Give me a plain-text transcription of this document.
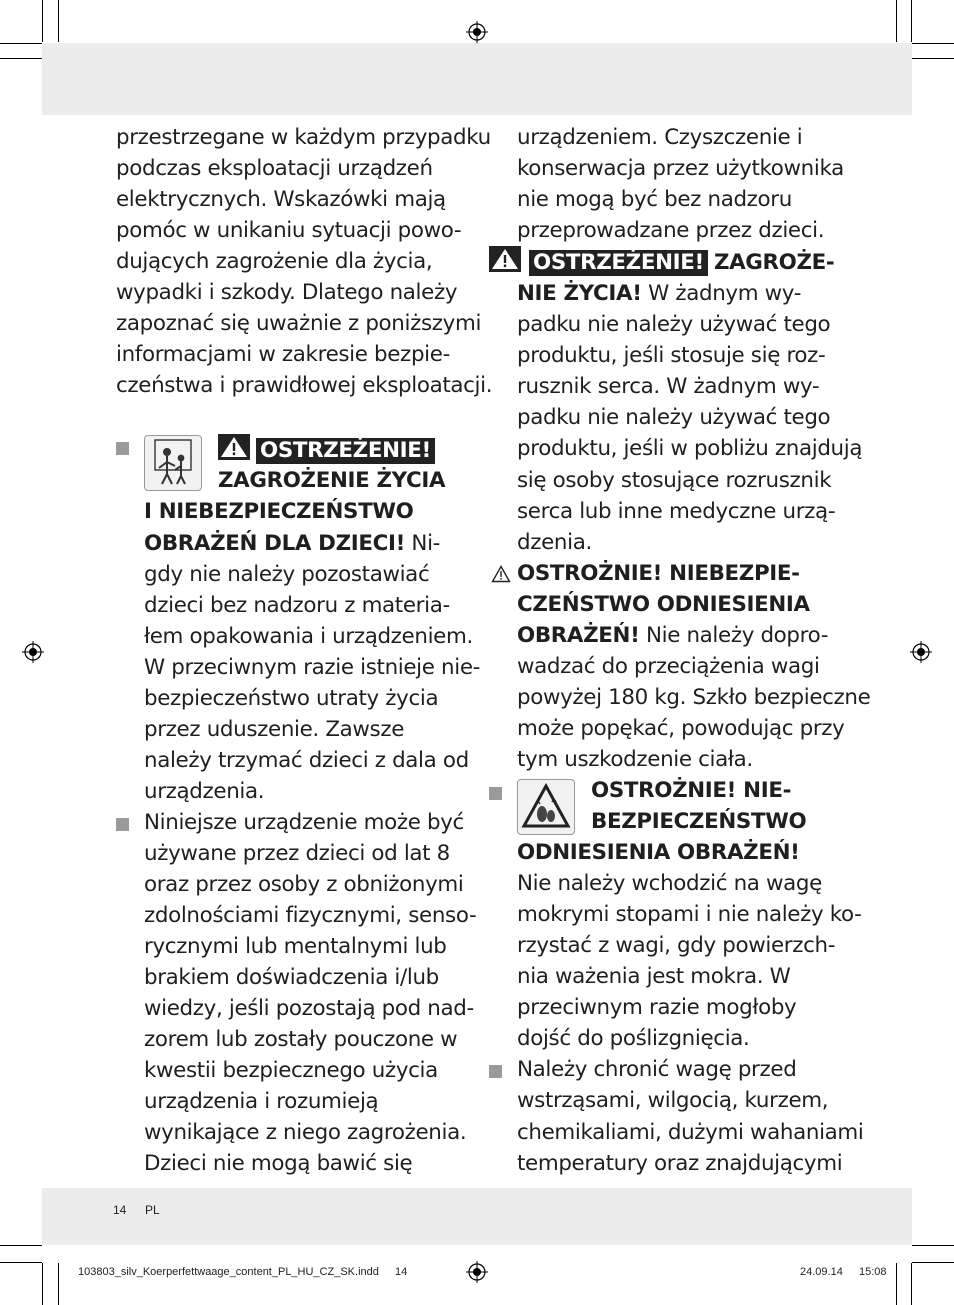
przestrzegane w każdym przypadku
podczas eksploatacji urządzeń
elektrycznych. Wskazówki mają
pomóc w unikaniu sytuacji powo-
dujących zagrożenie dla życia,
wypadki i szkody. Dlatego należy
zapoznać się uważnie z poniższymi
informacjami w zakresie bezpie-
czeństwa i prawidłowej eksploatacji.

OSTRZEŻENIE!
ZAGROŻENIE ŻYCIA
I NIEBEZPIECZEŃSTWO
OBRAŻEŃ DLA DZIECI! Ni-
gdy nie należy pozostawiać
dzieci bez nadzoru z materia-
łem opakowania i urządzeniem.
W przeciwnym razie istnieje nie-
bezpieczeństwo utraty życia
przez uduszenie. Zawsze
należy trzymać dzieci z dala od
urządzenia.
Niniejsze urządzenie może być
używane przez dzieci od lat 8
oraz przez osoby z obniżonymi
zdolnościami fizycznymi, senso-
rycznymi lub mentalnymi lub
brakiem doświadczenia i/lub
wiedzy, jeśli pozostają pod nad-
zorem lub zostały pouczone w
kwestii bezpiecznego użycia
urządzenia i rozumieją
wynikające z niego zagrożenia.
Dzieci nie mogą bawić się

urządzeniem. Czyszczenie i
konserwacja przez użytkownika
nie mogą być bez nadzoru
przeprowadzane przez dzieci.

OSTRZEŻENIE! ZAGROŻE-
NIE ŻYCIA! W żadnym wy-
padku nie należy używać tego
produktu, jeśli stosuje się roz-
rusznik serca. W żadnym wy-
padku nie należy używać tego
produktu, jeśli w pobliżu znajdują
się osoby stosujące rozrusznik
serca lub inne medyczne urzą-
dzenia.
OSTROŻNIE! NIEBEZPIE-
CZEŃSTWO ODNIESIENIA
OBRAŻEŃ! Nie należy dopro-
wadzać do przeciążenia wagi
powyżej 180 kg. Szkło bezpieczne
może popękać, powodując przy
tym uszkodzenie ciała.
OSTROŻNIE! NIE-
BEZPIECZEŃSTWO
ODNIESIENIA OBRAŻEŃ!
Nie należy wchodzić na wagę
mokrymi stopami i nie należy ko-
rzystać z wagi, gdy powierzch-
nia ważenia jest mokra. W
przeciwnym razie mogłoby
dojść do poślizgnięcia.
Należy chronić wagę przed
wstrząsami, wilgocią, kurzem,
chemikaliami, dużymi wahaniami
temperatury oraz znajdującymi
14 PL
103803_silv_Koerperfettwaage_content_PL_HU_CZ_SK.indd 14	24.09.14 15:08
